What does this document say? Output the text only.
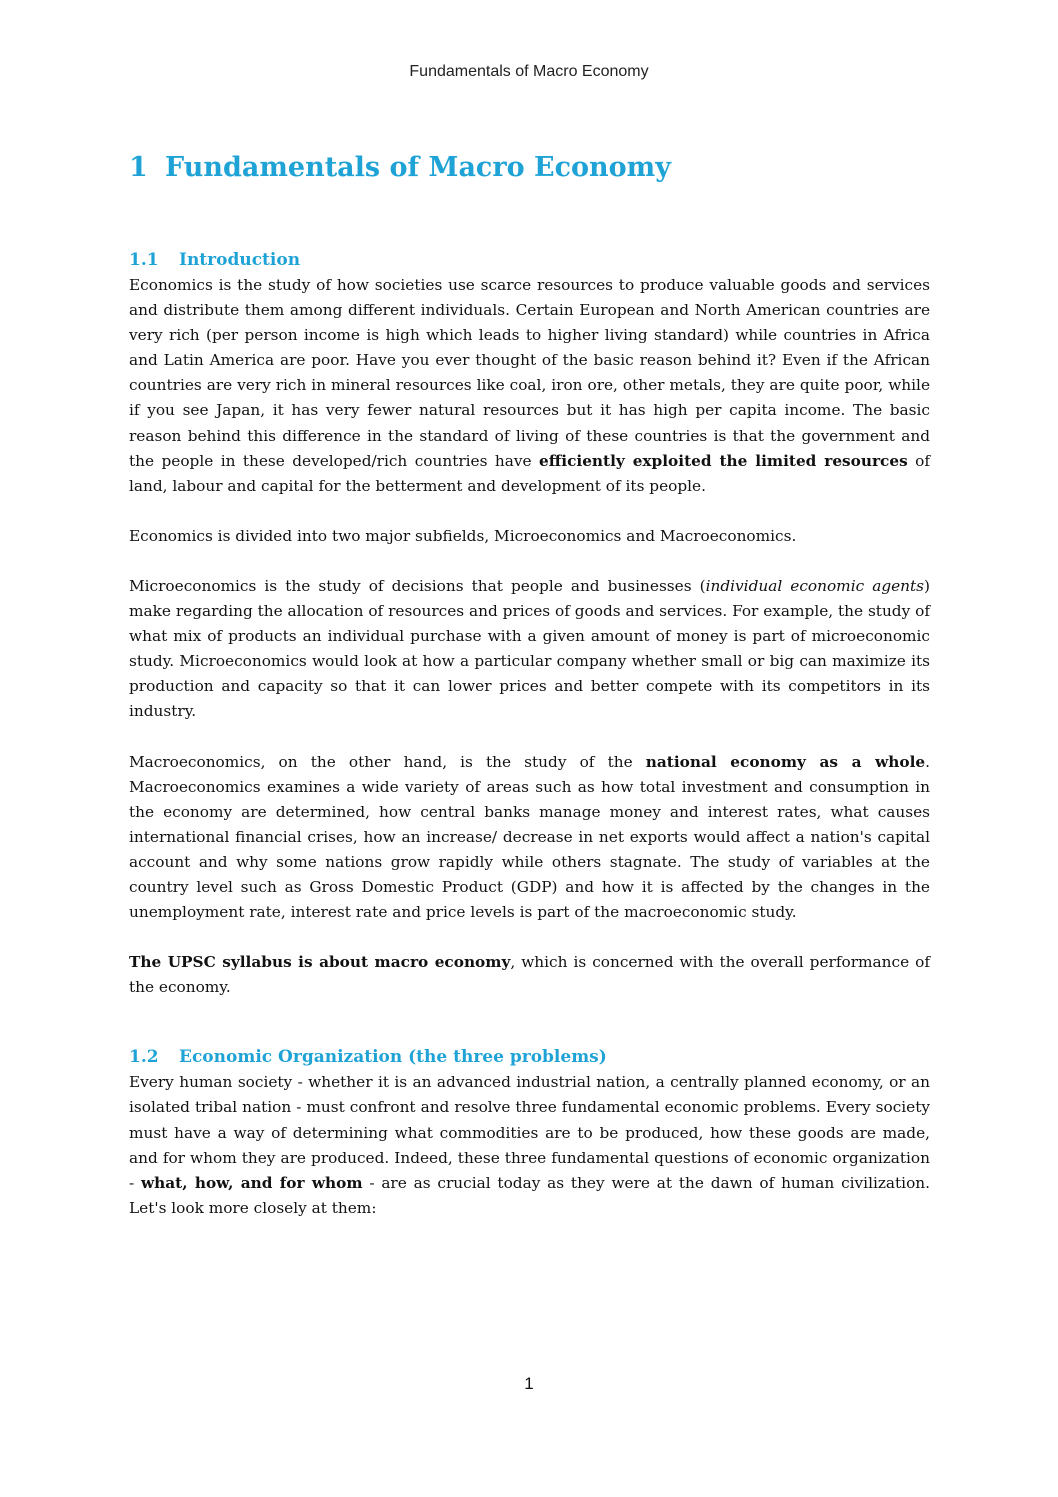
Fundamentals of Macro Economy
1 Fundamentals of Macro Economy
1.1 Introduction

Economics is the study of how societies use scarce resources to produce valuable goods and services and distribute them among different individuals. Certain European and North American countries are very rich (per person income is high which leads to higher living standard) while countries in Africa and Latin America are poor. Have you ever thought of the basic reason behind it? Even if the African countries are very rich in mineral resources like coal, iron ore, other metals, they are quite poor, while if you see Japan, it has very fewer natural resources but it has high per capita income. The basic reason behind this difference in the standard of living of these countries is that the government and the people in these developed/rich countries have efficiently exploited the limited resources of land, labour and capital for the betterment and development of its people.

Economics is divided into two major subfields, Microeconomics and Macroeconomics.

Microeconomics is the study of decisions that people and businesses (individual economic agents) make regarding the allocation of resources and prices of goods and services. For example, the study of what mix of products an individual purchase with a given amount of money is part of microeconomic study. Microeconomics would look at how a particular company whether small or big can maximize its production and capacity so that it can lower prices and better compete with its competitors in its industry.

Macroeconomics, on the other hand, is the study of the national economy as a whole. Macroeconomics examines a wide variety of areas such as how total investment and consumption in the economy are determined, how central banks manage money and interest rates, what causes international financial crises, how an increase/ decrease in net exports would affect a nation's capital account and why some nations grow rapidly while others stagnate. The study of variables at the country level such as Gross Domestic Product (GDP) and how it is affected by the changes in the unemployment rate, interest rate and price levels is part of the macroeconomic study.

The UPSC syllabus is about macro economy, which is concerned with the overall performance of the economy.

1.2 Economic Organization (the three problems)

Every human society - whether it is an advanced industrial nation, a centrally planned economy, or an isolated tribal nation - must confront and resolve three fundamental economic problems. Every society must have a way of determining what commodities are to be produced, how these goods are made, and for whom they are produced. Indeed, these three fundamental questions of economic organization - what, how, and for whom - are as crucial today as they were at the dawn of human civilization. Let's look more closely at them:

1
